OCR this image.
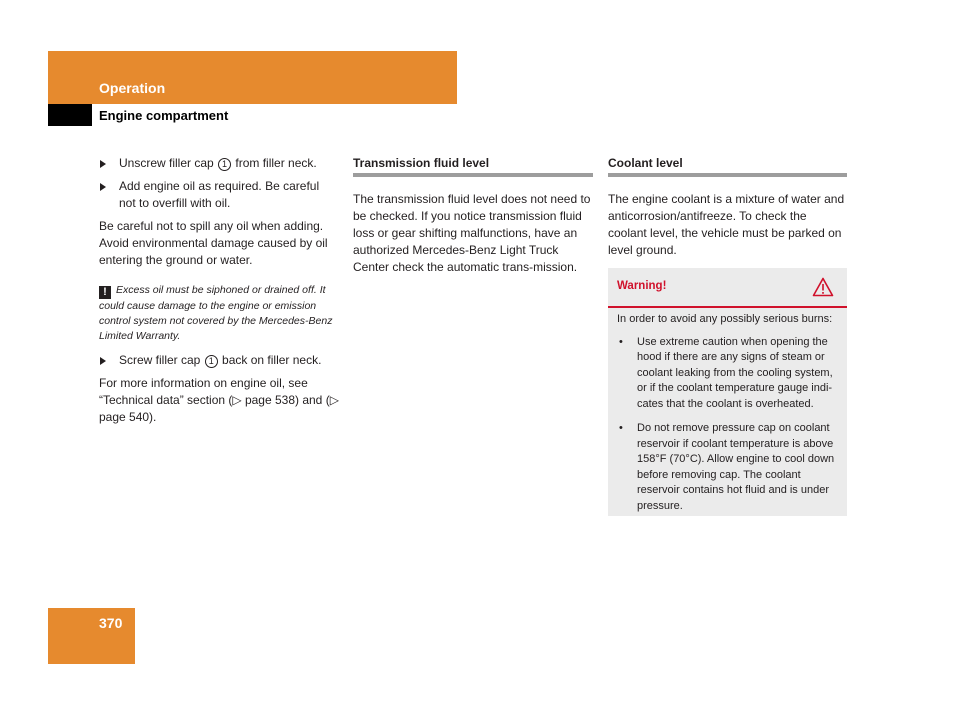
Operation
Engine compartment
Unscrew filler cap 1 from filler neck.
Add engine oil as required. Be careful not to overfill with oil.

Be careful not to spill any oil when adding. Avoid environmental damage caused by oil entering the ground or water.

! Excess oil must be siphoned or drained off. It could cause damage to the engine or emission control system not covered by the Mercedes-Benz Limited Warranty.

Screw filler cap 1 back on filler neck.

For more information on engine oil, see “Technical data” section (▷ page 538) and (▷ page 540).

Transmission fluid level

The transmission fluid level does not need to be checked. If you notice transmission fluid loss or gear shifting malfunctions, have an authorized Mercedes-Benz Light Truck Center check the automatic trans-mission.

Coolant level

The engine coolant is a mixture of water and anticorrosion/antifreeze. To check the coolant level, the vehicle must be parked on level ground.

Warning!

In order to avoid any possibly serious burns:

• Use extreme caution when opening the hood if there are any signs of steam or coolant leaking from the cooling system, or if the coolant temperature gauge indi-cates that the coolant is overheated.
• Do not remove pressure cap on coolant reservoir if coolant temperature is above 158°F (70°C). Allow engine to cool down before removing cap. The coolant reservoir contains hot fluid and is under pressure.
370
